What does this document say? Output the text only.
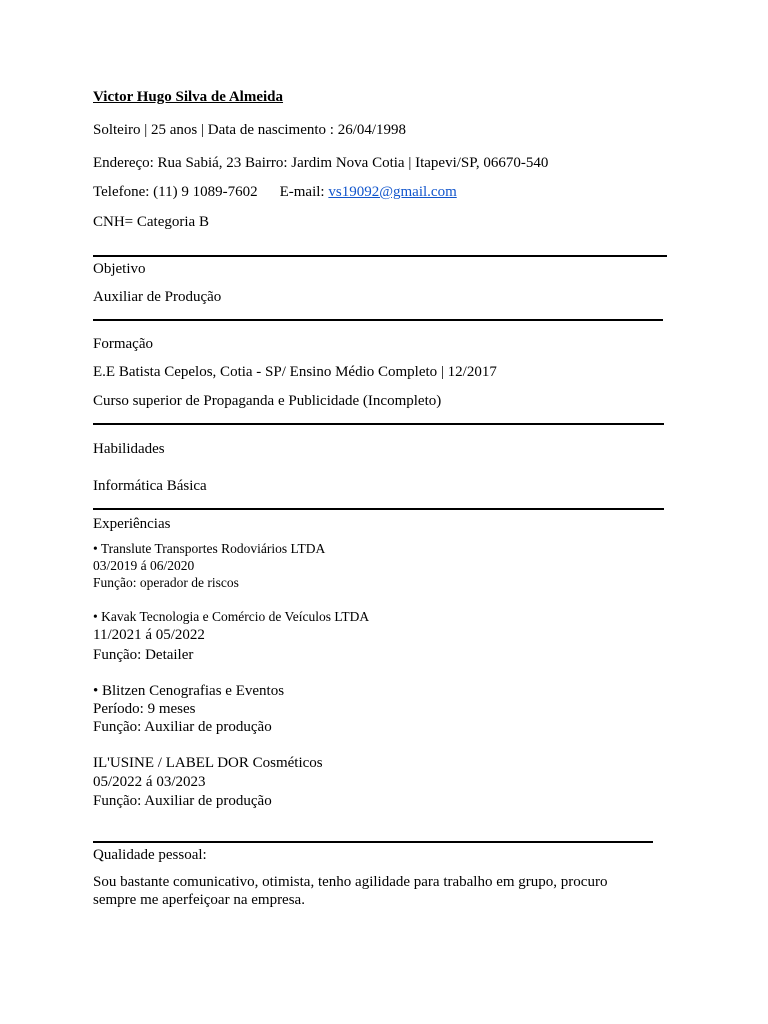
Victor Hugo Silva de Almeida
Solteiro | 25 anos | Data de nascimento : 26/04/1998
Endereço: Rua Sabiá, 23 Bairro: Jardim Nova Cotia | Itapevi/SP, 06670-540
Telefone: (11) 9 1089-7602 E-mail: vs19092@gmail.com
CNH= Categoria B
Objetivo
Auxiliar de Produção
Formação
E.E Batista Cepelos, Cotia - SP/ Ensino Médio Completo | 12/2017
Curso superior de Propaganda e Publicidade (Incompleto)
Habilidades
Informática Básica
Experiências
• Translute Transportes Rodoviários LTDA
03/2019 á 06/2020
Função: operador de riscos
• Kavak Tecnologia e Comércio de Veículos LTDA
11/2021 á 05/2022
Função: Detailer
• Blitzen Cenografias e Eventos
Período: 9 meses
Função: Auxiliar de produção
IL'USINE / LABEL DOR Cosméticos
05/2022 á 03/2023
Função: Auxiliar de produção
Qualidade pessoal:
Sou bastante comunicativo, otimista, tenho agilidade para trabalho em grupo, procuro sempre me aperfeiçoar na empresa.
